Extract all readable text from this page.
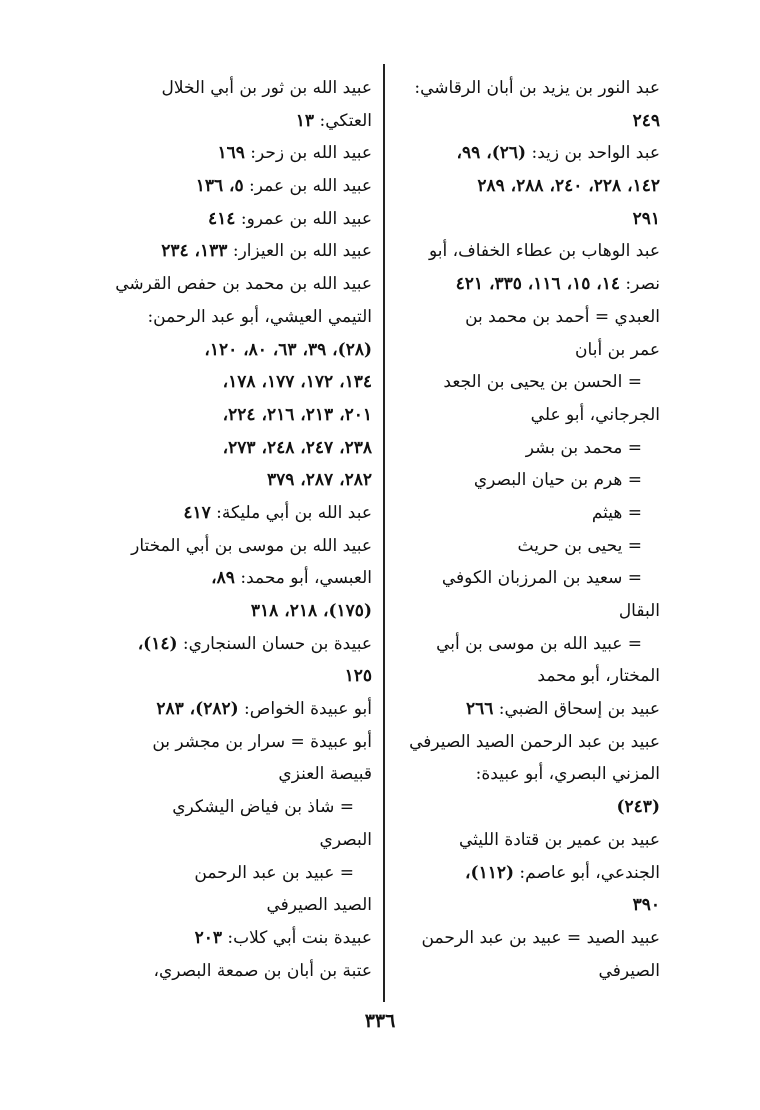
عبد النور بن يزيد بن أبان الرقاشي:
٢٤٩
عبد الواحد بن زيد: (٢٦)، ٩٩،
١٤٢، ٢٢٨، ٢٤٠، ٢٨٨، ٢٨٩
٢٩١
عبد الوهاب بن عطاء الخفاف، أبو
نصر: ١٤، ١٥، ١١٦، ٣٣٥، ٤٢١
العبدي = أحمد بن محمد بن
عمر بن أبان
= الحسن بن يحيى بن الجعد
الجرجاني، أبو علي
= محمد بن بشر
= هرم بن حيان البصري
= هيثم
= يحيى بن حريث
= سعيد بن المرزبان الكوفي
البقال
= عبيد الله بن موسى بن أبي
المختار، أبو محمد
عبيد بن إسحاق الضبي: ٢٦٦
عبيد بن عبد الرحمن الصيد الصيرفي
المزني البصري، أبو عبيدة:
(٢٤٣)
عبيد بن عمير بن قتادة الليثي
الجندعي، أبو عاصم: (١١٢)،
٣٩٠
عبيد الصيد = عبيد بن عبد الرحمن
الصيرفي
عبيد الله بن ثور بن أبي الخلال
العتكي: ١٣
عبيد الله بن زحر: ١٦٩
عبيد الله بن عمر: ٥، ١٣٦
عبيد الله بن عمرو: ٤١٤
عبيد الله بن العيزار: ١٣٣، ٢٣٤
عبيد الله بن محمد بن حفص القرشي
التيمي العيشي، أبو عبد الرحمن:
(٢٨)، ٣٩، ٦٣، ٨٠، ١٢٠،
١٣٤، ١٧٢، ١٧٧، ١٧٨،
٢٠١، ٢١٣، ٢١٦، ٢٢٤،
٢٣٨، ٢٤٧، ٢٤٨، ٢٧٣،
٢٨٢، ٢٨٧، ٣٧٩
عبد الله بن أبي مليكة: ٤١٧
عبيد الله بن موسى بن أبي المختار
العبسي، أبو محمد: ٨٩،
(١٧٥)، ٢١٨، ٣١٨
عبيدة بن حسان السنجاري: (١٤)،
١٢٥
أبو عبيدة الخواص: (٢٨٢)، ٢٨٣
أبو عبيدة = سرار بن مجشر بن
قبيصة العنزي
= شاذ بن فياض اليشكري
البصري
= عبيد بن عبد الرحمن
الصيد الصيرفي
عبيدة بنت أبي كلاب: ٢٠٣
عتبة بن أبان بن صمعة البصري،
٣٣٦
